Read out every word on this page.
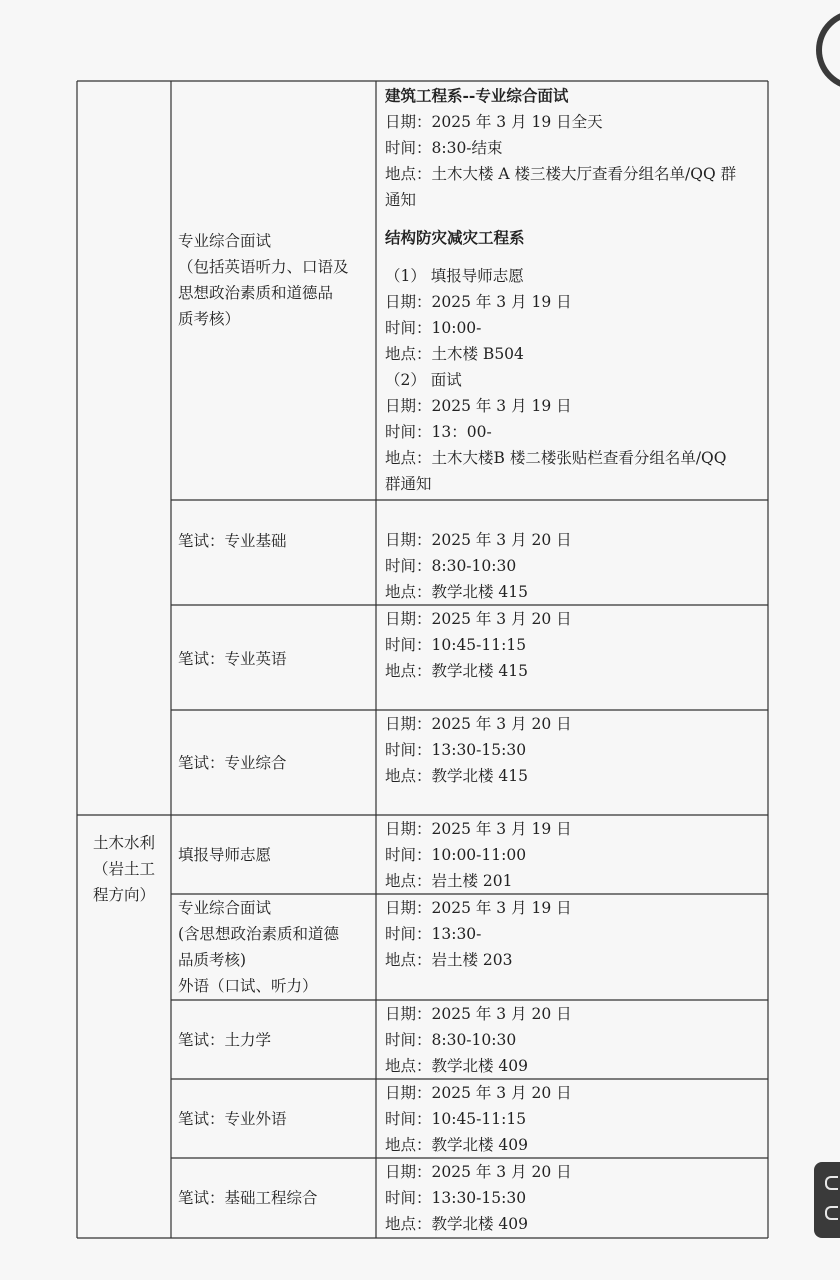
专业综合面试
（包括英语听力、口语及
思想政治素质和道德品
质考核）
建筑工程系--专业综合面试
日期：2025 年 3 月 19 日全天
时间：8:30-结束
地点：土木大楼 A 楼三楼大厅查看分组名单/QQ 群
通知
结构防灾减灾工程系
（1） 填报导师志愿
日期：2025 年 3 月 19 日
时间：10:00-
地点：土木楼 B504
（2） 面试
日期：2025 年 3 月 19 日
时间：13：00-
地点：土木大楼B 楼二楼张贴栏查看分组名单/QQ
群通知
笔试：专业基础	日期：2025 年 3 月 20 日
时间：8:30-10:30
地点：教学北楼 415
笔试：专业英语
日期：2025 年 3 月 20 日
时间：10:45-11:15
地点：教学北楼 415
笔试：专业综合
日期：2025 年 3 月 20 日
时间：13:30-15:30
地点：教学北楼 415
土木水利
（岩土工
程方向）
填报导师志愿
日期：2025 年 3 月 19 日
时间：10:00-11:00
地点：岩土楼 201
专业综合面试
(含思想政治素质和道德
品质考核)
外语（口试、听力）
日期：2025 年 3 月 19 日
时间：13:30-
地点：岩土楼 203
笔试：土力学
日期：2025 年 3 月 20 日
时间：8:30-10:30
地点：教学北楼 409
笔试：专业外语
日期：2025 年 3 月 20 日
时间：10:45-11:15
地点：教学北楼 409
笔试：基础工程综合
日期：2025 年 3 月 20 日
时间：13:30-15:30
地点：教学北楼 409
